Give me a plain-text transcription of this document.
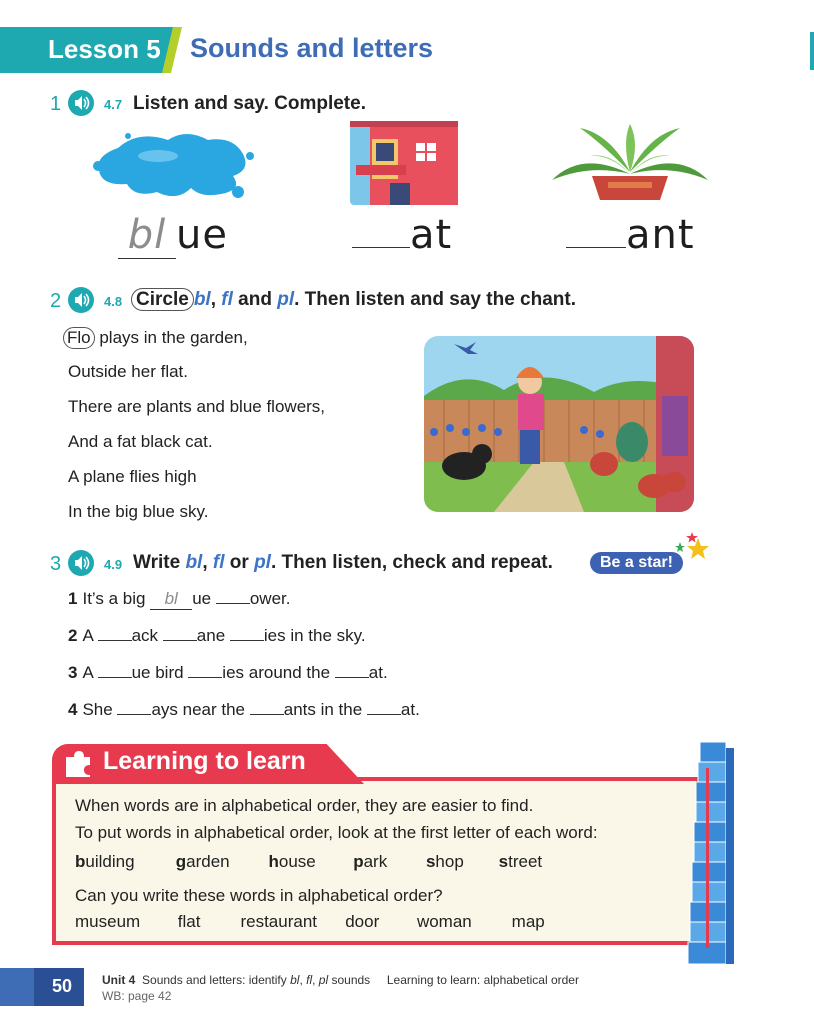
Lesson 5 Sounds and letters
1	4.7 Listen and say. Complete.
bl ue	at	ant
2	4.8 Circle bl, fl and pl. Then listen and say the chant.
Flo plays in the garden,
Outside her flat.
There are plants and blue flowers,
And a fat black cat.
A plane flies high
In the big blue sky.
3	4.9 Write bl, fl or pl. Then listen, check and repeat.	Be a star!
1 It’s a big bl ue ower.
2 A ack ane ies in the sky.
3 A ue bird ies around the at.
4 She ays near the ants in the at.
Learning to learn
When words are in alphabetical order, they are easier to find.
To put words in alphabetical order, look at the first letter of each word:
building garden house park shop street
Can you write these words in alphabetical order?
museum flat restaurant door woman map
50 Unit 4  Sounds and letters: identify bl, fl, pl sounds     Learning to learn: alphabetical order
WB: page 42
